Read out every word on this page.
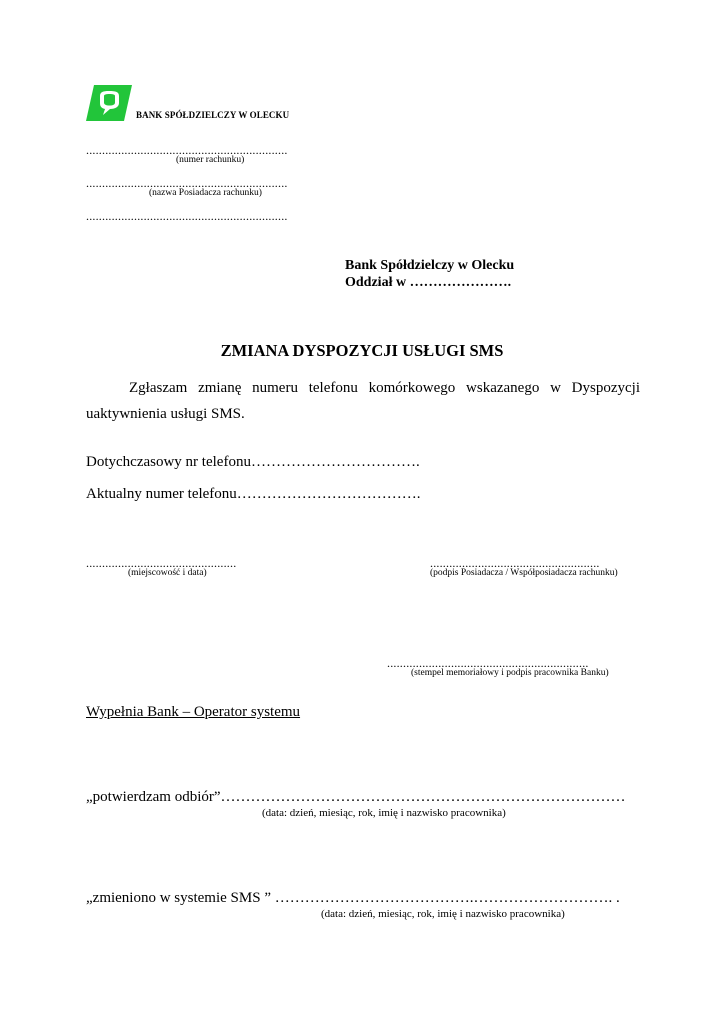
BANK SPÓŁDZIELCZY W OLECKU
...............................................................
(numer rachunku)
...............................................................
(nazwa Posiadacza rachunku)
...............................................................
Bank Spółdzielczy w Olecku
Oddział w ………………….
ZMIANA DYSPOZYCJI USŁUGI SMS
Zgłaszam zmianę numeru telefonu komórkowego wskazanego w Dyspozycji uaktywnienia usługi SMS.
Dotychczasowy nr telefonu…………………………….
Aktualny numer telefonu……………………………….
...............................................
(miejscowość i data)
.....................................................
(podpis Posiadacza / Współposiadacza rachunku)
...............................................................
(stempel memoriałowy i podpis pracownika Banku)
Wypełnia Bank – Operator systemu
„potwierdzam odbiór”………………………………………………………………………
(data: dzień, miesiąc, rok, imię i nazwisko pracownika)
„zmieniono w systemie SMS ” ………………………………….………………………. .
(data: dzień, miesiąc, rok, imię i nazwisko pracownika)
